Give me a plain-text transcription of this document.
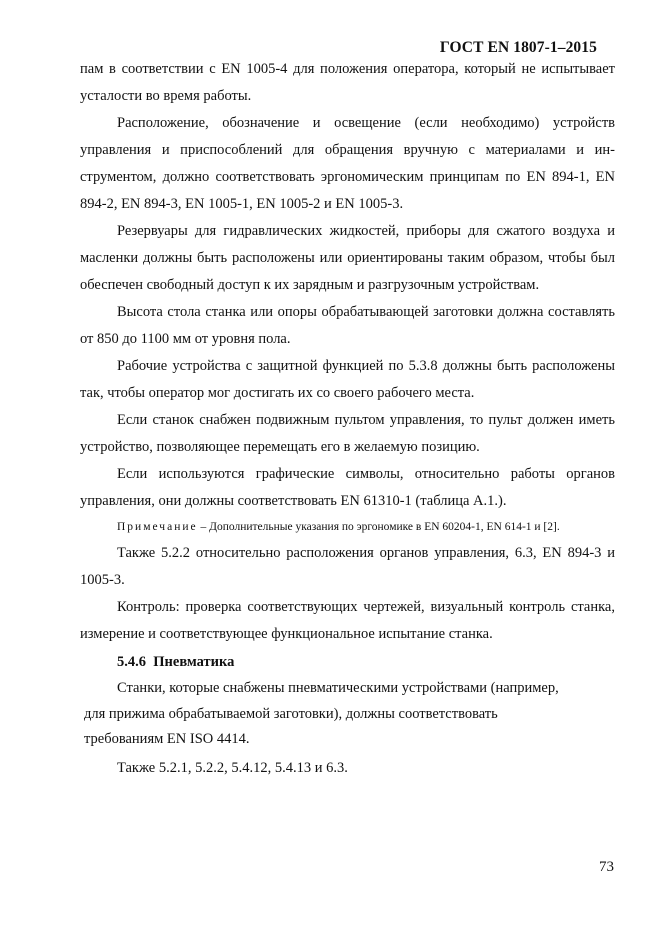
ГОСТ EN 1807-1–2015

пам в соответствии с EN 1005-4 для положения оператора, который не испытывает усталости во время работы.

Расположение, обозначение и освещение (если необходимо) устройств управления и приспособлений для обращения вручную с материалами и инструментом, должно соответствовать эргономическим принципам по EN 894-1, EN 894-2, EN 894-3, EN 1005-1, EN 1005-2 и EN 1005-3.

Резервуары для гидравлических жидкостей, приборы для сжатого воздуха и масленки должны быть расположены или ориентированы таким образом, чтобы был обеспечен свободный доступ к их зарядным и разгрузочным устройствам.

Высота стола станка или опоры обрабатывающей заготовки должна составлять от 850 до 1100 мм от уровня пола.

Рабочие устройства с защитной функцией по 5.3.8 должны быть расположены так, чтобы оператор мог достигать их со своего рабочего места.

Если станок снабжен подвижным пультом управления, то пульт должен иметь устройство, позволяющее перемещать его в желаемую позицию.

Если используются графические символы, относительно работы органов управления, они должны соответствовать EN 61310-1 (таблица А.1.).

Примечание – Дополнительные указания по эргономике в EN 60204-1, EN 614-1 и [2].

Также 5.2.2 относительно расположения органов управления, 6.3, EN 894-3 и 1005-3.

Контроль: проверка соответствующих чертежей, визуальный контроль станка, измерение и соответствующее функциональное испытание станка.

5.4.6 Пневматика

Станки, которые снабжены пневматическими устройствами (например,
для прижима обрабатываемой заготовки), должны соответствовать
требованиям EN ISO 4414.

Также 5.2.1, 5.2.2, 5.4.12, 5.4.13 и 6.3.

73
